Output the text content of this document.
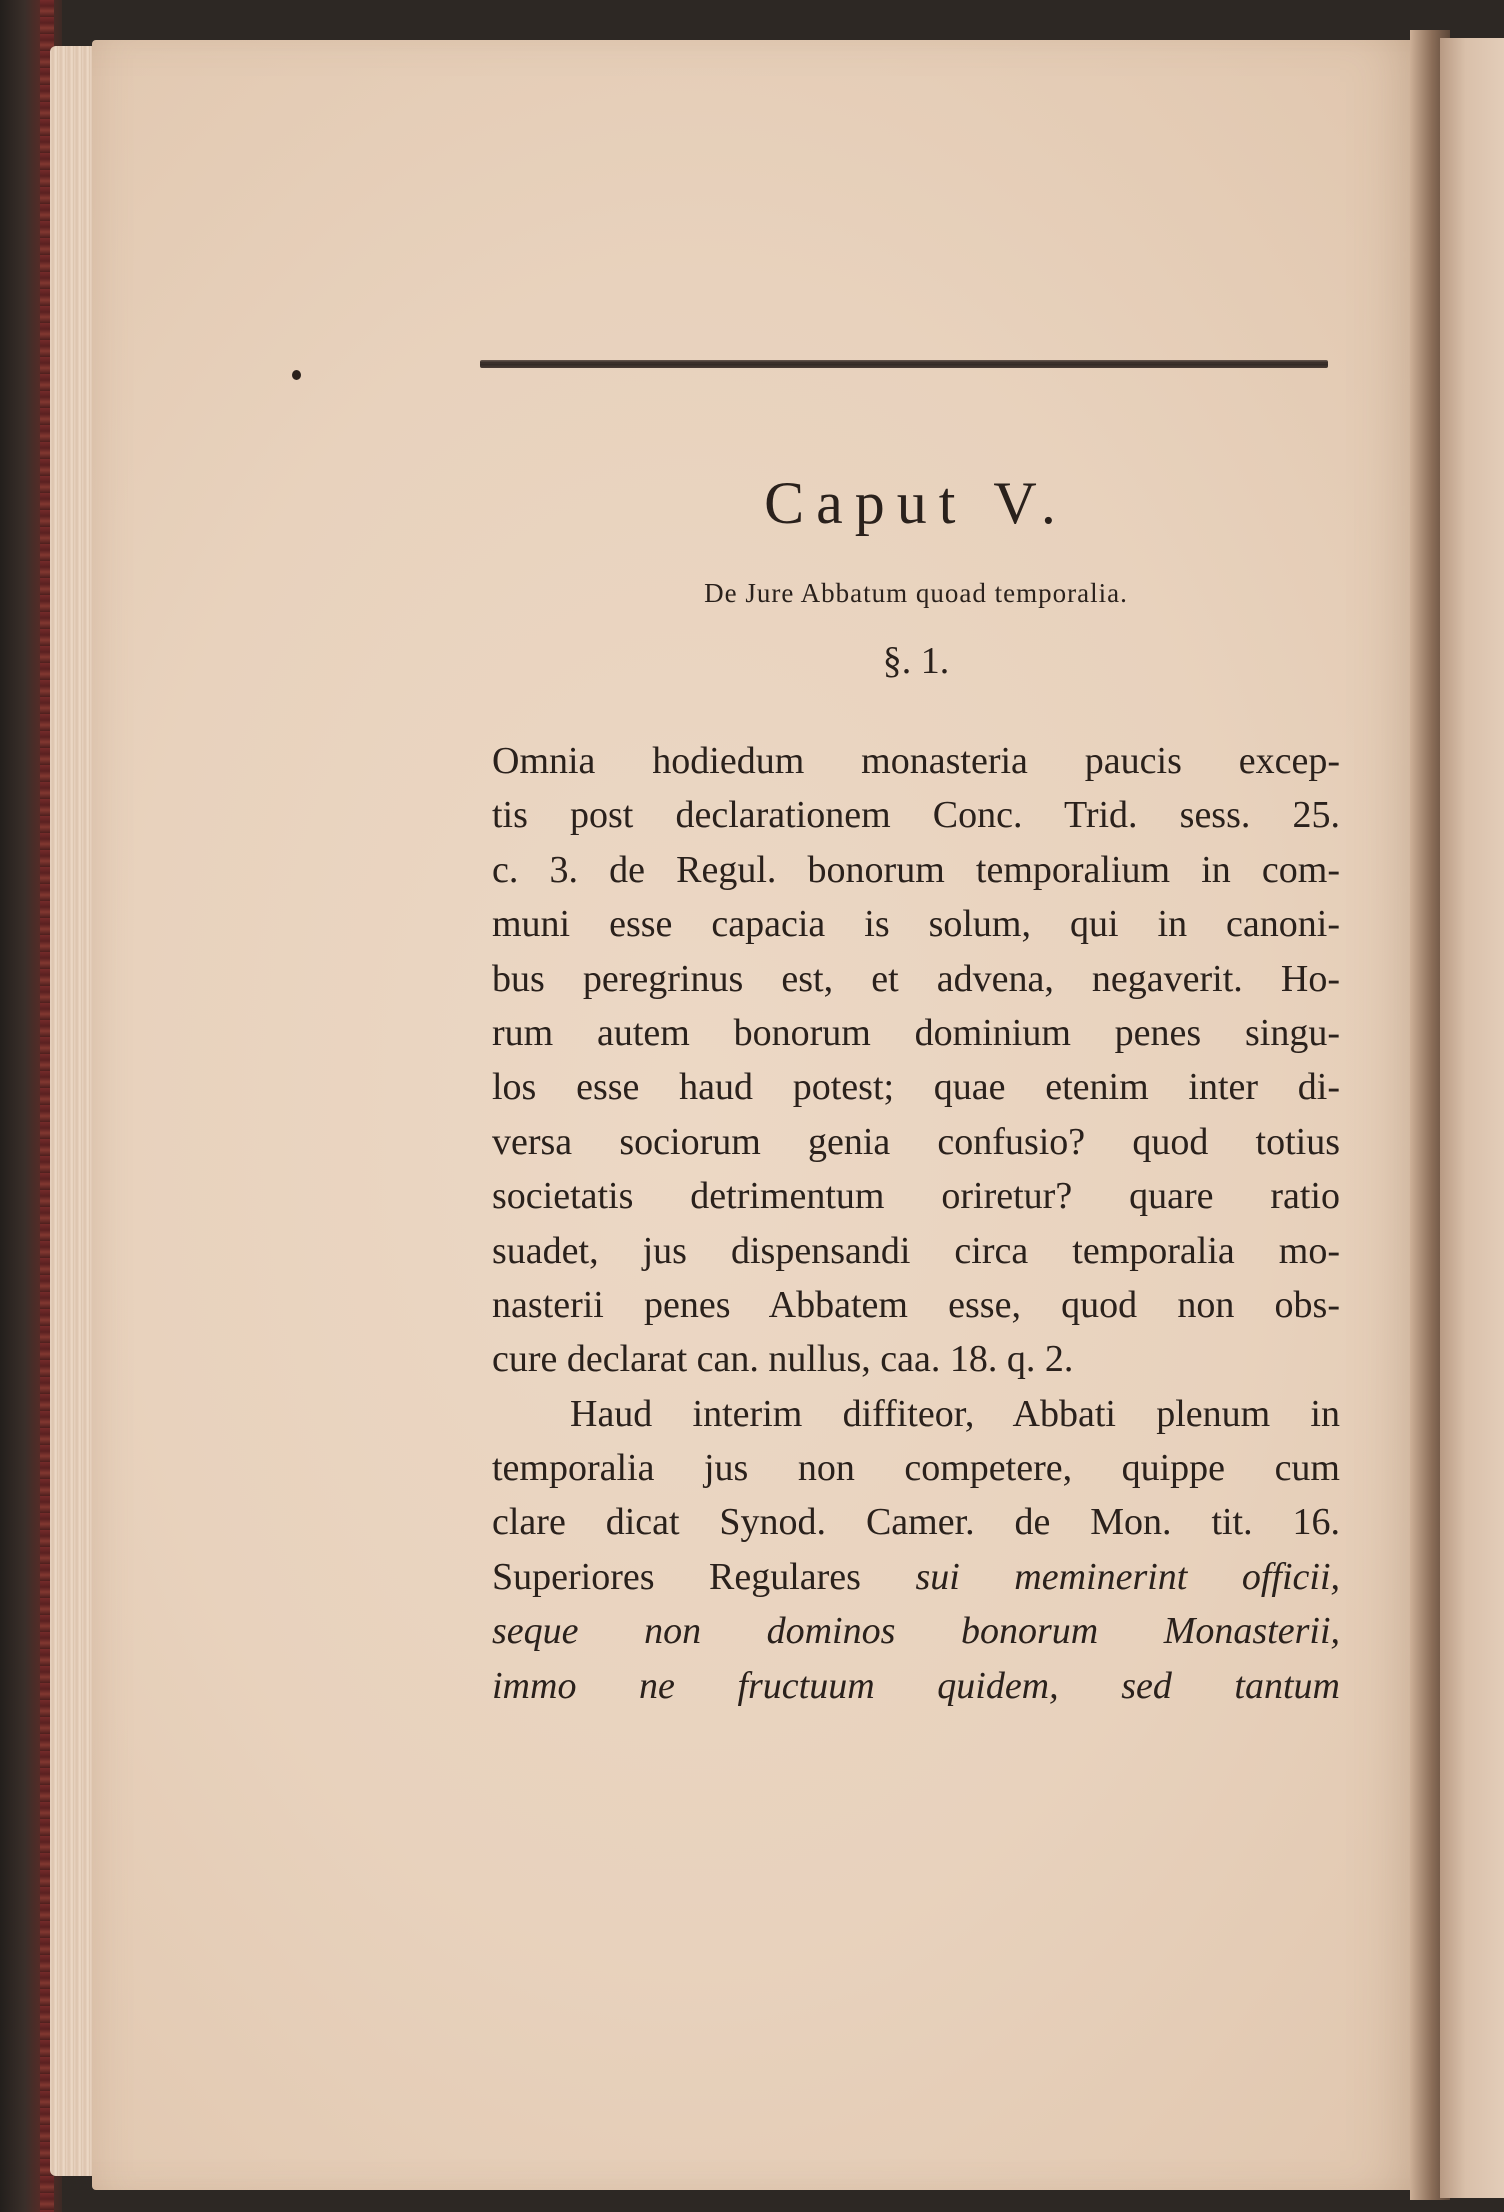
Caput V.
De Jure Abbatum quoad temporalia.
§. 1.
Omnia hodiedum monasteria paucis excep-
tis post declarationem Conc. Trid. sess. 25.
c. 3. de Regul. bonorum temporalium in com-
muni esse capacia is solum, qui in canoni-
bus peregrinus est, et advena, negaverit. Ho-
rum autem bonorum dominium penes singu-
los esse haud potest; quae etenim inter di-
versa sociorum genia confusio? quod totius
societatis detrimentum oriretur? quare ratio
suadet, jus dispensandi circa temporalia mo-
nasterii penes Abbatem esse, quod non obs-
cure declarat can. nullus, caa. 18. q. 2.
Haud interim diffiteor, Abbati plenum in
temporalia jus non competere, quippe cum
clare dicat Synod. Camer. de Mon. tit. 16.
Superiores Regulares sui meminerint officii,
seque non dominos bonorum Monasterii,
immo ne fructuum quidem, sed tantum
